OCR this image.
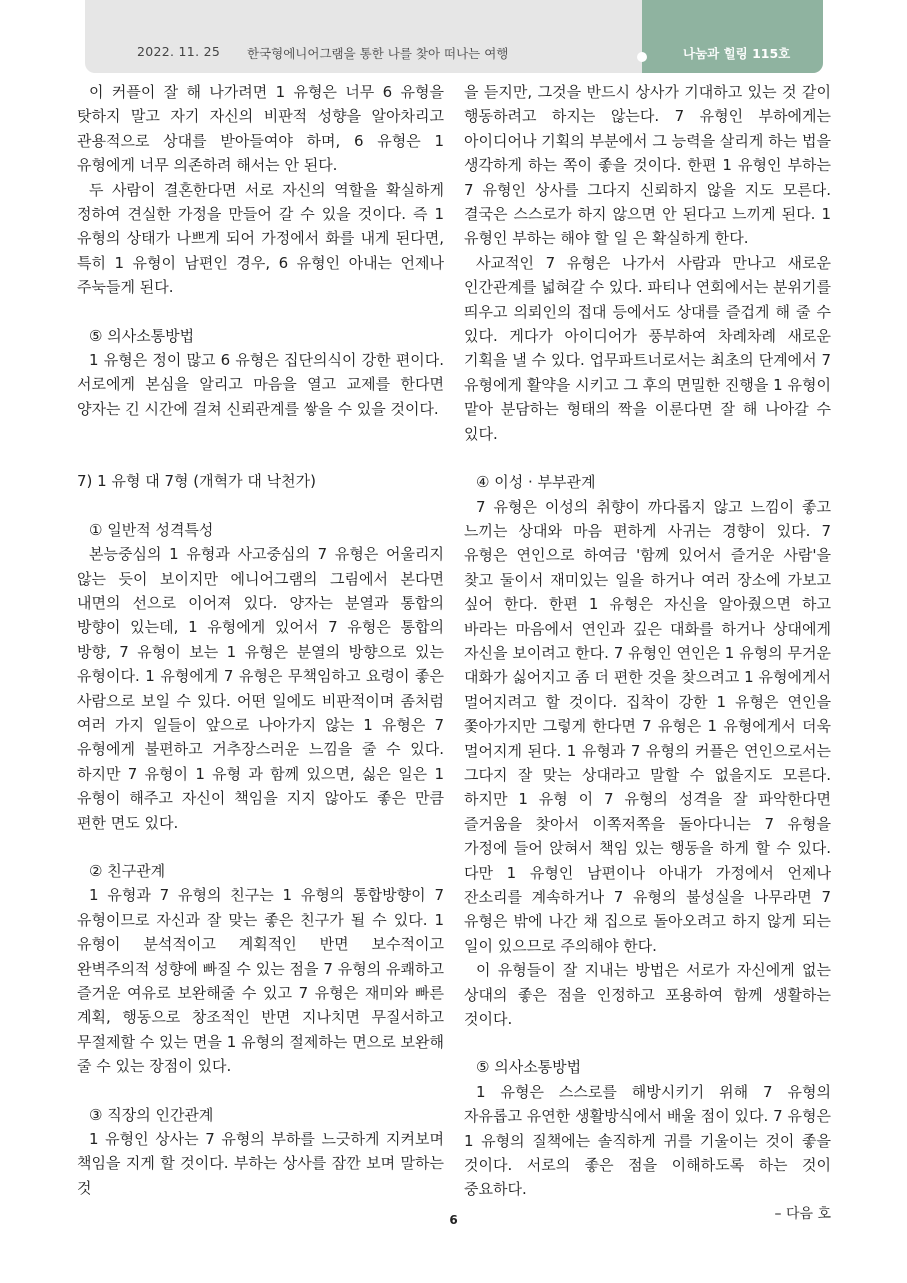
2022. 11. 25 한국형에니어그램을 통한 나를 찾아 떠나는 여행	나눔과 힐링 115호

이 커플이 잘 해 나가려면 1 유형은 너무 6 유형을 탓하지 말고 자기 자신의 비판적 성향을 알아차리고 관용적으로 상대를 받아들여야 하며, 6 유형은 1 유형에게 너무 의존하려 해서는 안 된다.

두 사람이 결혼한다면 서로 자신의 역할을 확실하게 정하여 견실한 가정을 만들어 갈 수 있을 것이다. 즉 1 유형의 상태가 나쁘게 되어 가정에서 화를 내게 된다면, 특히 1 유형이 남편인 경우, 6 유형인 아내는 언제나 주눅들게 된다.

⑤ 의사소통방법

1 유형은 정이 많고 6 유형은 집단의식이 강한 편이다. 서로에게 본심을 알리고 마음을 열고 교제를 한다면 양자는 긴 시간에 걸쳐 신뢰관계를 쌓을 수 있을 것이다.

7) 1 유형 대 7형 (개혁가 대 낙천가)
① 일반적 성격특성

본능중심의 1 유형과 사고중심의 7 유형은 어울리지 않는 듯이 보이지만 에니어그램의 그림에서 본다면 내면의 선으로 이어져 있다. 양자는 분열과 통합의 방향이 있는데, 1 유형에게 있어서 7 유형은 통합의 방향, 7 유형이 보는 1 유형은 분열의 방향으로 있는 유형이다. 1 유형에게 7 유형은 무책임하고 요령이 좋은 사람으로 보일 수 있다. 어떤 일에도 비판적이며 좀처럼 여러 가지 일들이 앞으로 나아가지 않는 1 유형은 7 유형에게 불편하고 거추장스러운 느낌을 줄 수 있다. 하지만 7 유형이 1 유형 과 함께 있으면, 싫은 일은 1 유형이 해주고 자신이 책임을 지지 않아도 좋은 만큼 편한 면도 있다.

② 친구관계

1 유형과 7 유형의 친구는 1 유형의 통합방향이 7 유형이므로 자신과 잘 맞는 좋은 친구가 될 수 있다. 1 유형이 분석적이고 계획적인 반면 보수적이고 완벽주의적 성향에 빠질 수 있는 점을 7 유형의 유쾌하고 즐거운 여유로 보완해줄 수 있고 7 유형은 재미와 빠른 계획, 행동으로 창조적인 반면 지나치면 무질서하고 무절제할 수 있는 면을 1 유형의 절제하는 면으로 보완해 줄 수 있는 장점이 있다.

③ 직장의 인간관계

1 유형인 상사는 7 유형의 부하를 느긋하게 지켜보며 책임을 지게 할 것이다. 부하는 상사를 잠깐 보며 말하는 것

을 듣지만, 그것을 반드시 상사가 기대하고 있는 것 같이 행동하려고 하지는 않는다. 7 유형인 부하에게는 아이디어나 기획의 부분에서 그 능력을 살리게 하는 법을 생각하게 하는 쪽이 좋을 것이다. 한편 1 유형인 부하는 7 유형인 상사를 그다지 신뢰하지 않을 지도 모른다. 결국은 스스로가 하지 않으면 안 된다고 느끼게 된다. 1 유형인 부하는 해야 할 일 은 확실하게 한다.

사교적인 7 유형은 나가서 사람과 만나고 새로운 인간관계를 넓혀갈 수 있다. 파티나 연회에서는 분위기를 띄우고 의뢰인의 접대 등에서도 상대를 즐겁게 해 줄 수 있다. 게다가 아이디어가 풍부하여 차례차례 새로운 기획을 낼 수 있다. 업무파트너로서는 최초의 단계에서 7 유형에게 활약을 시키고 그 후의 면밀한 진행을 1 유형이 맡아 분담하는 형태의 짝을 이룬다면 잘 해 나아갈 수 있다.

④ 이성 · 부부관계

7 유형은 이성의 취향이 까다롭지 않고 느낌이 좋고 느끼는 상대와 마음 편하게 사귀는 경향이 있다. 7 유형은 연인으로 하여금 '함께 있어서 즐거운 사람'을 찾고 둘이서 재미있는 일을 하거나 여러 장소에 가보고 싶어 한다. 한편 1 유형은 자신을 알아줬으면 하고 바라는 마음에서 연인과 깊은 대화를 하거나 상대에게 자신을 보이려고 한다. 7 유형인 연인은 1 유형의 무거운 대화가 싫어지고 좀 더 편한 것을 찾으려고 1 유형에게서 멀어지려고 할 것이다. 집착이 강한 1 유형은 연인을 쫓아가지만 그렇게 한다면 7 유형은 1 유형에게서 더욱 멀어지게 된다. 1 유형과 7 유형의 커플은 연인으로서는 그다지 잘 맞는 상대라고 말할 수 없을지도 모른다. 하지만 1 유형 이 7 유형의 성격을 잘 파악한다면 즐거움을 찾아서 이쪽저쪽을 돌아다니는 7 유형을 가정에 들어 앉혀서 책임 있는 행동을 하게 할 수 있다. 다만 1 유형인 남편이나 아내가 가정에서 언제나 잔소리를 계속하거나 7 유형의 불성실을 나무라면 7 유형은 밖에 나간 채 집으로 돌아오려고 하지 않게 되는 일이 있으므로 주의해야 한다.

이 유형들이 잘 지내는 방법은 서로가 자신에게 없는 상대의 좋은 점을 인정하고 포용하여 함께 생활하는 것이다.

⑤ 의사소통방법

1 유형은 스스로를 해방시키기 위해 7 유형의 자유롭고 유연한 생활방식에서 배울 점이 있다. 7 유형은 1 유형의 질책에는 솔직하게 귀를 기울이는 것이 좋을 것이다. 서로의 좋은 점을 이해하도록 하는 것이 중요하다.

– 다음 호
6
